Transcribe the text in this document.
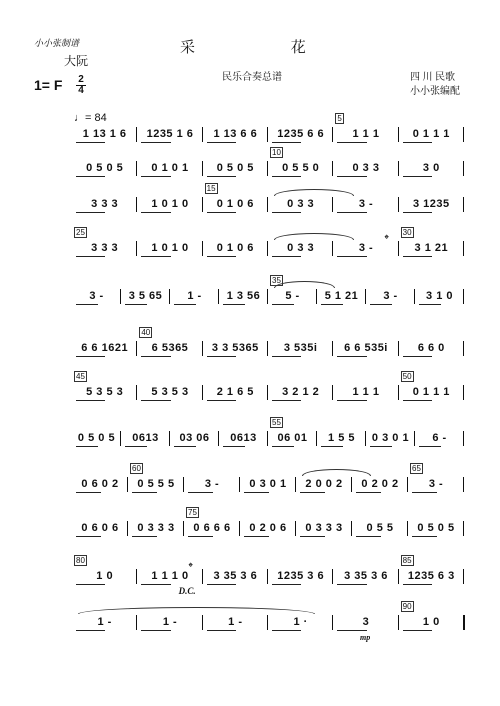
小小张制谱
大阮
采 花
民乐合奏总谱	四 川 民歌
小小张编配
1= F $\frac{2}{4}$
♩= 84
1 13 1 6	1235 1 6	1 13 6 6	1235 6 6	1 1 1
5
0 1 1 1
0 5 0 5	0 1 0 1	0 5 0 5	0 5 5 0
10
0 3 3	3 0
3 3 3	1 0 1 0	0 1 0 6
15
0 3 3	3 -	3 1235
3 3 3
25
1 0 1 0	0 1 0 6	0 3 3	3 -
𝄌
3 1 21
30
3 -	3 5 65	1 -	1 3 56	5 -
35
5 1 21	3 -	3 1 0
6 6 1621	6 5365
40
3 3 5365	3 535i	6 6 535i	6 6 0
5 3 5 3
45
5 3 5 3	2 1 6 5	3 2 1 2	1 1 1	0 1 1 1
50
0 5 0 5	0613	03 06	0613	06 01
55
1 5 5	0 3 0 1	6 -
0 6 0 2	0 5 5 5
60
3 -	0 3 0 1	2 0 0 2	0 2 0 2	3 -
65
0 6 0 6	0 3 3 3	0 6 6 6
75
0 2 0 6	0 3 3 3	0 5 5	0 5 0 5
1 0
80
1 1 1 0
𝄌
D.C.
3 35 3 6	1235 3 6	3 35 3 6	1235 6 3
85
1 -	1 -	1 -	1 ·	3
mp
1 0
90
